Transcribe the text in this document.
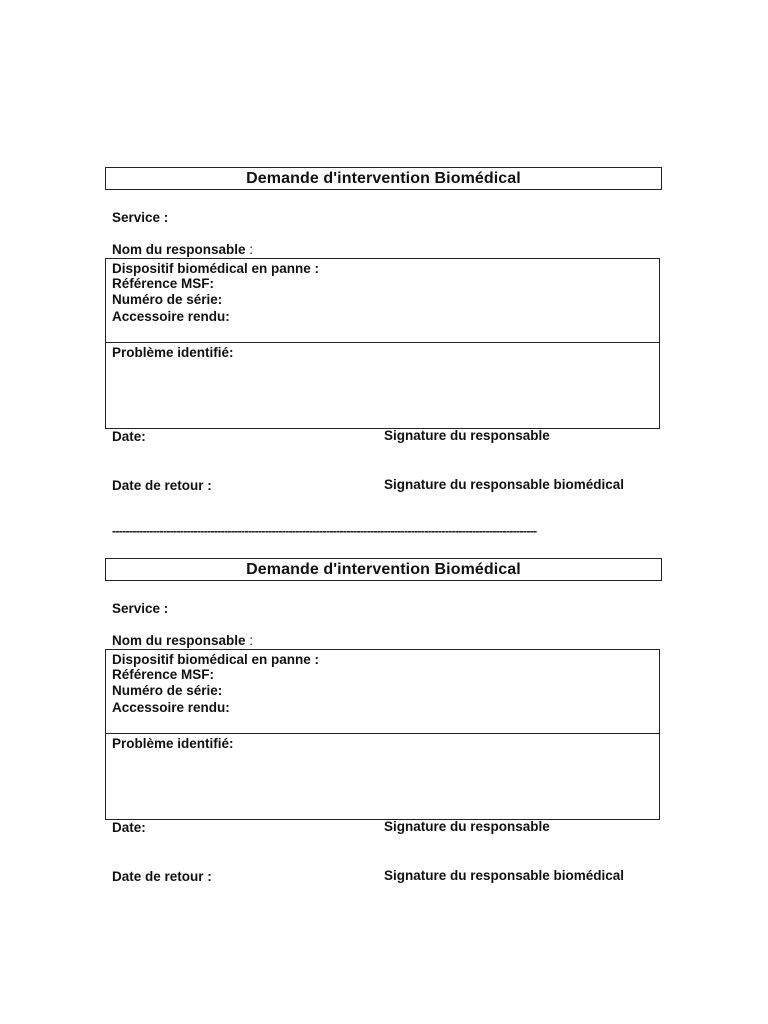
Demande d'intervention Biomédical
Service :
Nom du responsable :
Dispositif biomédical en panne :
Référence MSF:
Numéro de série:
Accessoire rendu:
Problème identifié:
Date:	Signature du responsable
Date de retour :	Signature du responsable biomédical
-----------------------------------------------------------------------------------------------------------------------------
Demande d'intervention Biomédical
Service :
Nom du responsable :
Dispositif biomédical en panne :
Référence MSF:
Numéro de série:
Accessoire rendu:
Problème identifié:
Date:	Signature du responsable
Date de retour :	Signature du responsable biomédical
